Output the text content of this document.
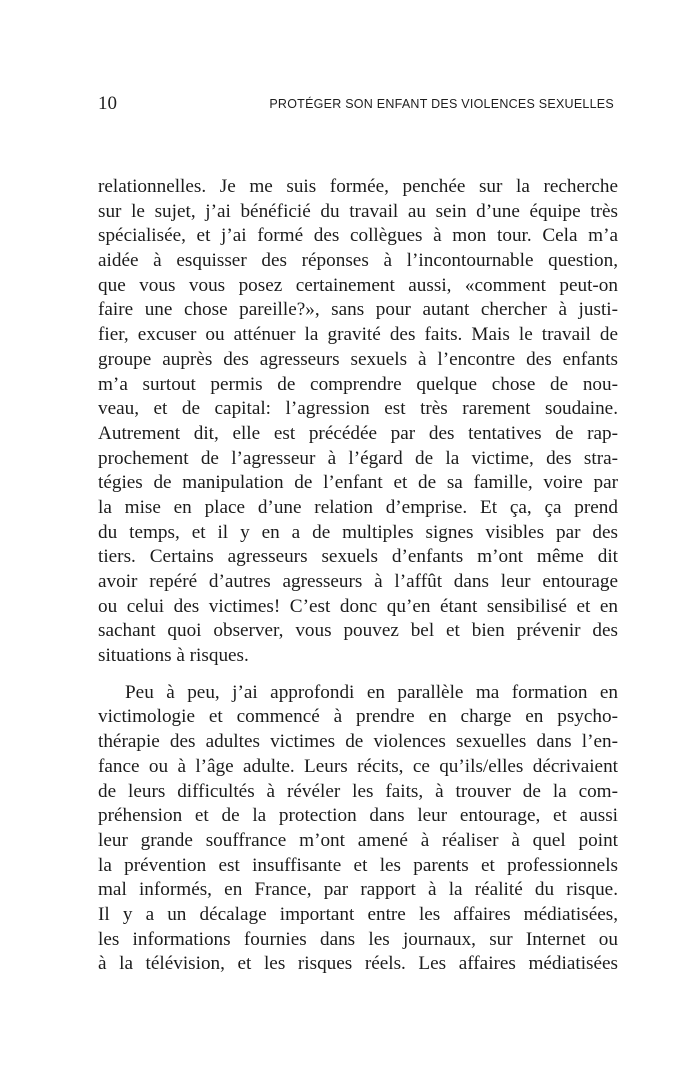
10	PROTÉGER SON ENFANT DES VIOLENCES SEXUELLES
relationnelles. Je me suis formée, penchée sur la recherche
sur le sujet, j’ai bénéficié du travail au sein d’une équipe très
spécialisée, et j’ai formé des collègues à mon tour. Cela m’a
aidée à esquisser des réponses à l’incontournable question,
que vous vous posez certainement aussi, «comment peut-on
faire une chose pareille?», sans pour autant chercher à justi-
fier, excuser ou atténuer la gravité des faits. Mais le travail de
groupe auprès des agresseurs sexuels à l’encontre des enfants
m’a surtout permis de comprendre quelque chose de nou-
veau, et de capital: l’agression est très rarement soudaine.
Autrement dit, elle est précédée par des tentatives de rap-
prochement de l’agresseur à l’égard de la victime, des stra-
tégies de manipulation de l’enfant et de sa famille, voire par
la mise en place d’une relation d’emprise. Et ça, ça prend
du temps, et il y en a de multiples signes visibles par des
tiers. Certains agresseurs sexuels d’enfants m’ont même dit
avoir repéré d’autres agresseurs à l’affût dans leur entourage
ou celui des victimes! C’est donc qu’en étant sensibilisé et en
sachant quoi observer, vous pouvez bel et bien prévenir des
situations à risques.
Peu à peu, j’ai approfondi en parallèle ma formation en
victimologie et commencé à prendre en charge en psycho-
thérapie des adultes victimes de violences sexuelles dans l’en-
fance ou à l’âge adulte. Leurs récits, ce qu’ils/elles décrivaient
de leurs difficultés à révéler les faits, à trouver de la com-
préhension et de la protection dans leur entourage, et aussi
leur grande souffrance m’ont amené à réaliser à quel point
la prévention est insuffisante et les parents et professionnels
mal informés, en France, par rapport à la réalité du risque.
Il y a un décalage important entre les affaires médiatisées,
les informations fournies dans les journaux, sur Internet ou
à la télévision, et les risques réels. Les affaires médiatisées
